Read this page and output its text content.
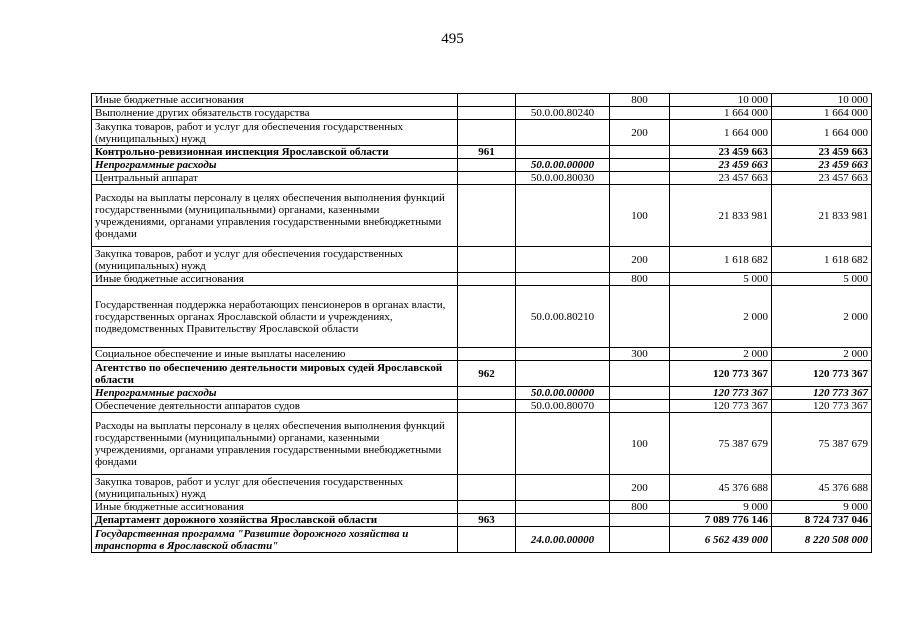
495
Иные бюджетные ассигнования			800	10 000	10 000
Выполнение других обязательств государства		50.0.00.80240		1 664 000	1 664 000
Закупка товаров, работ и услуг для обеспечения государственных (муниципальных) нужд			200	1 664 000	1 664 000
Контрольно-ревизионная инспекция Ярославской области	961			23 459 663	23 459 663
Непрограммные расходы		50.0.00.00000		23 459 663	23 459 663
Центральный аппарат		50.0.00.80030		23 457 663	23 457 663
Расходы на выплаты персоналу в целях обеспечения выполнения функций государственными (муниципальными) органами, казенными учреждениями, органами управления государственными внебюджетными фондами			100	21 833 981	21 833 981
Закупка товаров, работ и услуг для обеспечения государственных (муниципальных) нужд			200	1 618 682	1 618 682
Иные бюджетные ассигнования			800	5 000	5 000
Государственная поддержка неработающих пенсионеров в органах власти, государственных органах Ярославской области и учреждениях, подведомственных Правительству Ярославской области		50.0.00.80210		2 000	2 000
Социальное обеспечение и иные выплаты населению			300	2 000	2 000
Агентство по обеспечению деятельности мировых судей Ярославской области	962			120 773 367	120 773 367
Непрограммные расходы		50.0.00.00000		120 773 367	120 773 367
Обеспечение деятельности аппаратов судов		50.0.00.80070		120 773 367	120 773 367
Расходы на выплаты персоналу в целях обеспечения выполнения функций государственными (муниципальными) органами, казенными учреждениями, органами управления государственными внебюджетными фондами			100	75 387 679	75 387 679
Закупка товаров, работ и услуг для обеспечения государственных (муниципальных) нужд			200	45 376 688	45 376 688
Иные бюджетные ассигнования			800	9 000	9 000
Департамент дорожного хозяйства Ярославской области	963			7 089 776 146	8 724 737 046
Государственная программа "Развитие дорожного хозяйства и транспорта в Ярославской области"		24.0.00.00000		6 562 439 000	8 220 508 000
